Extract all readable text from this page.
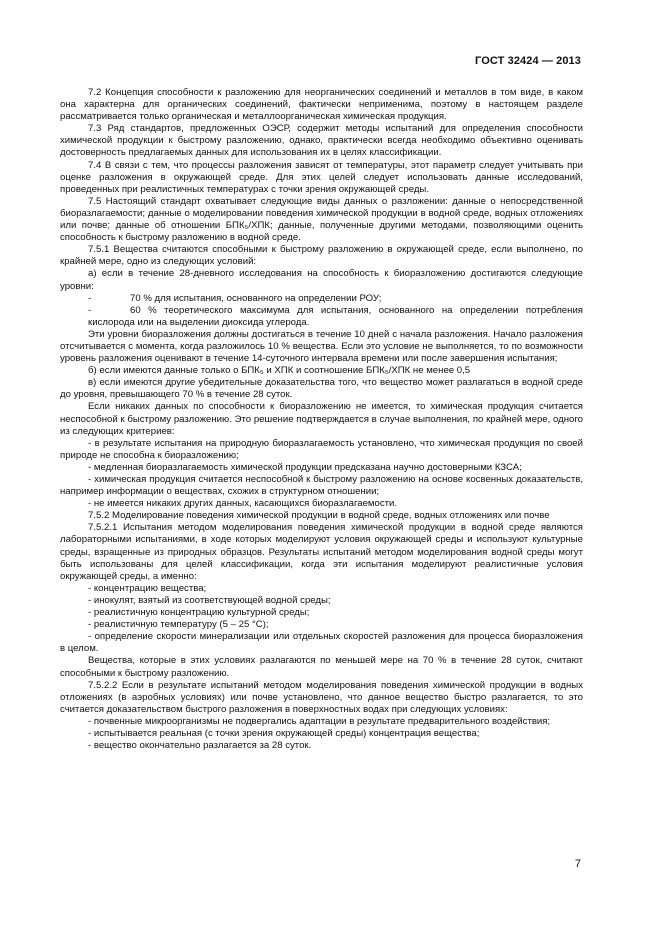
ГОСТ 32424 — 2013

7.2 Концепция способности к разложению для неорганических соединений и металлов в том виде, в каком она характерна для органических соединений, фактически неприменима, поэтому в настоящем разделе рассматривается только органическая и металлоорганическая химическая продукция.

7.3 Ряд стандартов, предложенных ОЭСР, содержит методы испытаний для определения способности химической продукции к быстрому разложению, однако, практически всегда необходимо объективно оценивать достоверность предлагаемых данных для использования их в целях классификации.

7.4 В связи с тем, что процессы разложения зависят от температуры, этот параметр следует учитывать при оценке разложения в окружающей среде. Для этих целей следует использовать данные исследований, проведенных при реалистичных температурах с точки зрения окружающей среды.

7.5 Настоящий стандарт охватывает следующие виды данных о разложении: данные о непосредственной биоразлагаемости; данные о моделировании поведения химической продукции в водной среде, водных отложениях или почве; данные об отношении БПК₅/ХПК; данные, полученные другими методами, позволяющими оценить способность к быстрому разложению в водной среде.

7.5.1 Вещества считаются способными к быстрому разложению в окружающей среде, если выполнено, по крайней мере, одно из следующих условий:

а) если в течение 28-дневного исследования на способность к биоразложению достигаются следующие уровни:

-	70 % для испытания, основанного на определении РОУ;

-	60 % теоретического максимума для испытания, основанного на определении потребления кислорода или на выделении диоксида углерода.

Эти уровни биоразложения должны достигаться в течение 10 дней с начала разложения. Начало разложения отсчитывается с момента, когда разложилось 10 % вещества. Если это условие не выполняется, то по возможности уровень разложения оценивают в течение 14-суточного интервала времени или после завершения испытания;

б) если имеются данные только о БПК₅ и ХПК и соотношение БПК₅/ХПК не менее 0,5

в) если имеются другие убедительные доказательства того, что вещество может разлагаться в водной среде до уровня, превышающего 70 % в течение 28 суток.

Если никаких данных по способности к биоразложению не имеется, то химическая продукция считается неспособной к быстрому разложению. Это решение подтверждается в случае выполнения, по крайней мере, одного из следующих критериев:

- в результате испытания на природную биоразлагаемость установлено, что химическая продукция по своей природе не способна к биоразложению;

- медленная биоразлагаемость химической продукции предсказана научно достоверными КЗСА;

- химическая продукция считается неспособной к быстрому разложению на основе косвенных доказательств, например информации о веществах, схожих в структурном отношении;

- не имеется никаких других данных, касающихся биоразлагаемости.

7.5.2 Моделирование поведения химической продукции в водной среде, водных отложениях или почве

7.5.2.1 Испытания методом моделирования поведения химической продукции в водной среде являются лабораторными испытаниями, в ходе которых моделируют условия окружающей среды и используют культурные среды, взращенные из природных образцов. Результаты испытаний методом моделирования водной среды могут быть использованы для целей классификации, когда эти испытания моделируют реалистичные условия окружающей среды, а именно:

- концентрацию вещества;

- инокулят, взятый из соответствующей водной среды;

- реалистичную концентрацию культурной среды;

- реалистичную температуру (5 – 25 °С);

- определение скорости минерализации или отдельных скоростей разложения для процесса биоразложения в целом.

Вещества, которые в этих условиях разлагаются по меньшей мере на 70 % в течение 28 суток, считают способными к быстрому разложению.

7.5.2.2 Если в результате испытаний методом моделирования поведения химической продукции в водных отложениях (в аэробных условиях) или почве установлено, что данное вещество быстро разлагается, то это считается доказательством быстрого разложения в поверхностных водах при следующих условиях:

- почвенные микроорганизмы не подвергались адаптации в результате предварительного воздействия;

- испытывается реальная (с точки зрения окружающей среды) концентрация вещества;

- вещество окончательно разлагается за 28 суток.

7
